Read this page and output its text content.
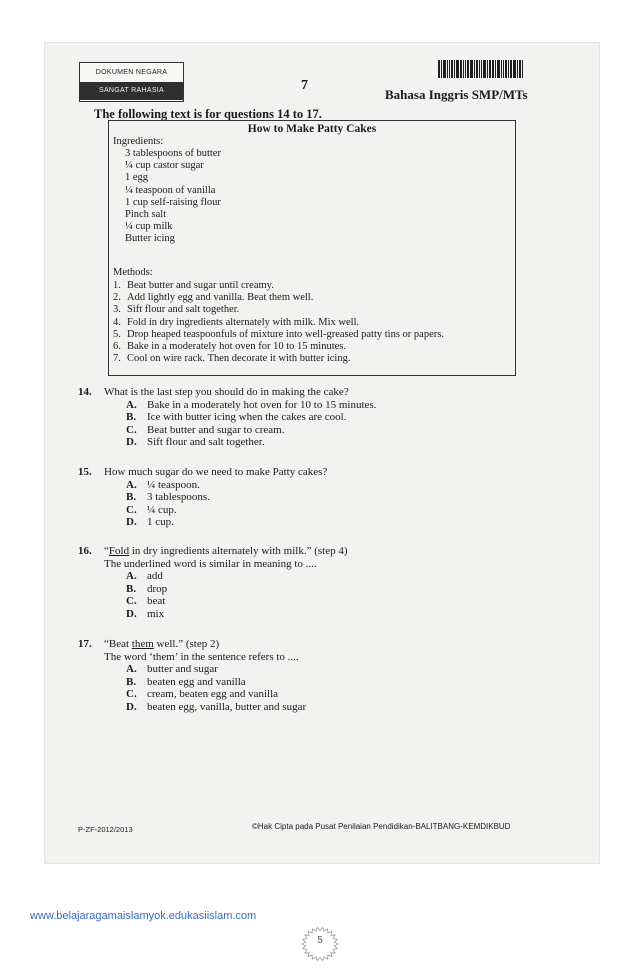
DOKUMEN NEGARA
SANGAT RAHASIA	7
Bahasa Inggris SMP/MTs
The following text is for questions 14 to 17.
How to Make Patty Cakes
Ingredients:
3 tablespoons of butter
¼ cup castor sugar
1 egg
¼ teaspoon of vanilla
1 cup self-raising flour
Pinch salt
¼ cup milk
Butter icing
Methods:
1. Beat butter and sugar until creamy.
2. Add lightly egg and vanilla. Beat them well.
3. Sift flour and salt together.
4. Fold in dry ingredients alternately with milk. Mix well.
5. Drop heaped teaspoonfuls of mixture into well-greased patty tins or papers.
6. Bake in a moderately hot oven for 10 to 15 minutes.
7. Cool on wire rack. Then decorate it with butter icing.
14.	What is the last step you should do in making the cake?
A. Bake in a moderately hot oven for 10 to 15 minutes.
B. Ice with butter icing when the cakes are cool.
C. Beat butter and sugar to cream.
D. Sift flour and salt together.
15.	How much sugar do we need to make Patty cakes?
A. ¼ teaspoon.
B. 3 tablespoons.
C. ¼ cup.
D. 1 cup.
16.	“Fold in dry ingredients alternately with milk.” (step 4)
The underlined word is similar in meaning to ....
A. add
B. drop
C. beat
D. mix
17.	“Beat them well.” (step 2)
The word ‘them’ in the sentence refers to ....
A. butter and sugar
B. beaten egg and vanilla
C. cream, beaten egg and vanilla
D. beaten egg, vanilla, butter and sugar
P-ZF-2012/2013	©Hak Cipta pada Pusat Penilaian Pendidikan-BALITBANG-KEMDIKBUD
www.belajaragamaislamyok.edukasiislam.com
5
